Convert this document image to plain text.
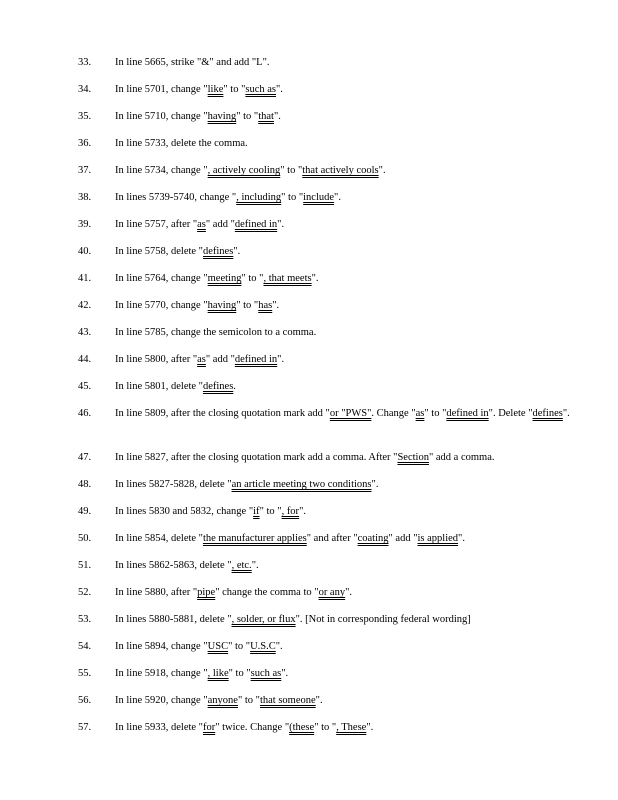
33.	In line 5665, strike "&" and add "L".
34.	In line 5701, change "like" to "such as".
35.	In line 5710, change "having" to "that".
36.	In line 5733, delete the comma.
37.	In line 5734, change ", actively cooling" to "that actively cools".
38.	In lines 5739-5740, change ", including" to "include".
39.	In line 5757, after "as" add "defined in".
40.	In line 5758, delete "defines".
41.	In line 5764, change "meeting" to ", that meets".
42.	In line 5770, change "having" to "has".
43.	In line 5785, change the semicolon to a comma.
44.	In line 5800, after "as" add "defined in".
45.	In line 5801, delete "defines.
46.	In line 5809, after the closing quotation mark add "or "PWS". Change "as" to "defined in". Delete "defines".
47.	In line 5827, after the closing quotation mark add a comma. After "Section" add a comma.
48.	In lines 5827-5828, delete "an article meeting two conditions".
49.	In lines 5830 and 5832, change "if" to ", for".
50.	In line 5854, delete "the manufacturer applies" and after "coating" add "is applied".
51.	In lines 5862-5863, delete ", etc.".
52.	In line 5880, after "pipe" change the comma to "or any".
53.	In lines 5880-5881, delete ", solder, or flux". [Not in corresponding federal wording]
54.	In line 5894, change "USC" to "U.S.C".
55.	In line 5918, change ", like" to "such as".
56.	In line 5920, change "anyone" to "that someone".
57.	In line 5933, delete "for" twice. Change "(these" to ", These".
